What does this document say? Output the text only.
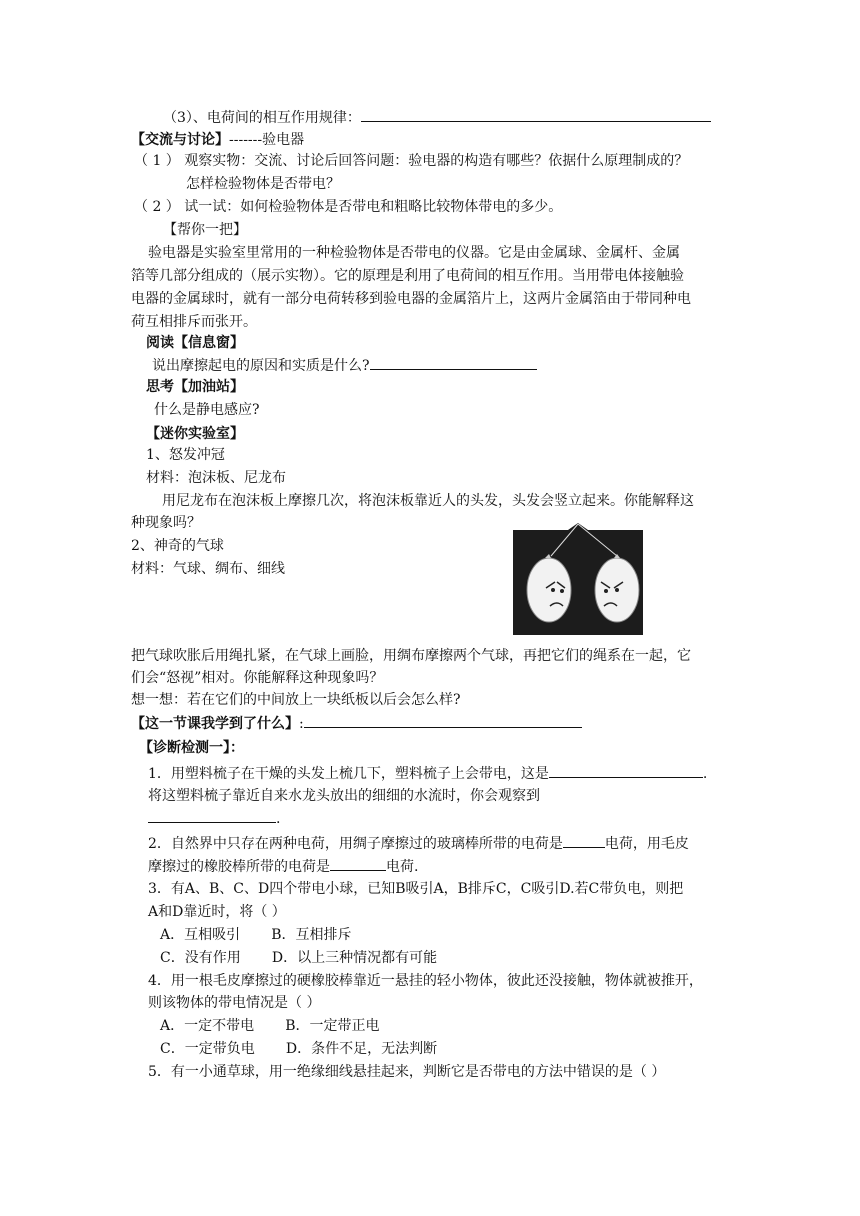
（3）、电荷间的相互作用规律：
【交流与讨论】-------验电器
（ 1 ） 观察实物：交流、讨论后回答问题：验电器的构造有哪些？依据什么原理制成的？
怎样检验物体是否带电？
（ 2 ） 试一试：如何检验物体是否带电和粗略比较物体带电的多少。
【帮你一把】
验电器是实验室里常用的一种检验物体是否带电的仪器。它是由金属球、金属杆、金属
箔等几部分组成的（展示实物）。它的原理是利用了电荷间的相互作用。当用带电体接触验
电器的金属球时，就有一部分电荷转移到验电器的金属箔片上，这两片金属箔由于带同种电
荷互相排斥而张开。
阅读【信息窗】
说出摩擦起电的原因和实质是什么?
思考【加油站】
什么是静电感应?
【迷你实验室】
1、怒发冲冠
材料：泡沫板、尼龙布
用尼龙布在泡沫板上摩擦几次，将泡沫板靠近人的头发，头发会竖立起来。你能解释这
种现象吗？
2、神奇的气球
材料：气球、绸布、细线
把气球吹胀后用绳扎紧，在气球上画脸，用绸布摩擦两个气球，再把它们的绳系在一起，它
们会“怒视”相对。你能解释这种现象吗？
想一想：若在它们的中间放上一块纸板以后会怎么样?
【这一节课我学到了什么】:
【诊断检测一】：
1．用塑料梳子在干燥的头发上梳几下，塑料梳子上会带电，这是	.
将这塑料梳子靠近自来水龙头放出的细细的水流时，你会观察到
.
2．自然界中只存在两种电荷，用绸子摩擦过的玻璃棒所带的电荷是	电荷，用毛皮
摩擦过的橡胶棒所带的电荷是	电荷.
3．有A、B、C、D四个带电小球，已知B吸引A，B排斥C，C吸引D.若C带负电，则把
A和D靠近时，将（ ）
A．互相吸引       B．互相排斥
C．没有作用       D．以上三种情况都有可能
4．用一根毛皮摩擦过的硬橡胶棒靠近一悬挂的轻小物体，彼此还没接触，物体就被推开，
则该物体的带电情况是（ ）
A．一定不带电       B．一定带正电
C．一定带负电       D．条件不足，无法判断
5．有一小通草球，用一绝缘细线悬挂起来，判断它是否带电的方法中错误的是（ ）
